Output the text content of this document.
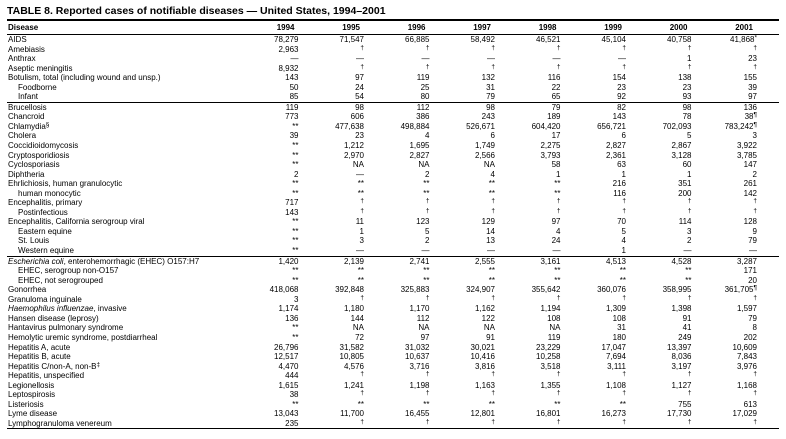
TABLE 8. Reported cases of notifiable diseases — United States, 1994–2001
Disease	1994	1995	1996	1997	1998	1999	2000	2001
AIDS	78,279	71,547	66,885	58,492	46,521	45,104	40,758	41,868*
Amebiasis	2,963	†	†	†	†	†	†	†
Anthrax	—	—	—	—	—	—	1	23
Aseptic meningitis	8,932	†	†	†	†	†	†	†
Botulism, total (including wound and unsp.)	143	97	119	132	116	154	138	155
Foodborne	50	24	25	31	22	23	23	39
Infant	85	54	80	79	65	92	93	97
Brucellosis	119	98	112	98	79	82	98	136
Chancroid	773	606	386	243	189	143	78	38¶
Chlamydia§	**	477,638	498,884	526,671	604,420	656,721	702,093	783,242¶
Cholera	39	23	4	6	17	6	5	3
Coccidioidomycosis	**	1,212	1,695	1,749	2,275	2,827	2,867	3,922
Cryptosporidiosis	**	2,970	2,827	2,566	3,793	2,361	3,128	3,785
Cyclosporiasis	**	NA	NA	NA	58	63	60	147
Diphtheria	2	—	2	4	1	1	1	2
Ehrlichiosis, human granulocytic	**	**	**	**	**	216	351	261
human monocytic	**	**	**	**	**	116	200	142
Encephalitis, primary	717	†	†	†	†	†	†	†
Postinfectious	143	†	†	†	†	†	†	†
Encephalitis, California serogroup viral	**	11	123	129	97	70	114	128
Eastern equine	**	1	5	14	4	5	3	9
St. Louis	**	3	2	13	24	4	2	79
Western equine	**	—	—	—	—	1	—	—
Escherichia coli, enterohemorrhagic (EHEC) O157:H7	1,420	2,139	2,741	2,555	3,161	4,513	4,528	3,287
EHEC, serogroup non-O157	**	**	**	**	**	**	**	171
EHEC, not serogrouped	**	**	**	**	**	**	**	20
Gonorrhea	418,068	392,848	325,883	324,907	355,642	360,076	358,995	361,705¶
Granuloma inguinale	3	†	†	†	†	†	†	†
Haemophilus influenzae, invasive	1,174	1,180	1,170	1,162	1,194	1,309	1,398	1,597
Hansen disease (leprosy)	136	144	112	122	108	108	91	79
Hantavirus pulmonary syndrome	**	NA	NA	NA	NA	31	41	8
Hemolytic uremic syndrome, postdiarrheal	**	72	97	91	119	180	249	202
Hepatitis A, acute	26,796	31,582	31,032	30,021	23,229	17,047	13,397	10,609
Hepatitis B, acute	12,517	10,805	10,637	10,416	10,258	7,694	8,036	7,843
Hepatitis C/non-A, non-B‡	4,470	4,576	3,716	3,816	3,518	3,111	3,197	3,976
Hepatitis, unspecified	444	†	†	†	†	†	†	†
Legionellosis	1,615	1,241	1,198	1,163	1,355	1,108	1,127	1,168
Leptospirosis	38	†	†	†	†	†	†	†
Listeriosis	**	**	**	**	**	**	755	613
Lyme disease	13,043	11,700	16,455	12,801	16,801	16,273	17,730	17,029
Lymphogranuloma venereum	235	†	†	†	†	†	†	†
